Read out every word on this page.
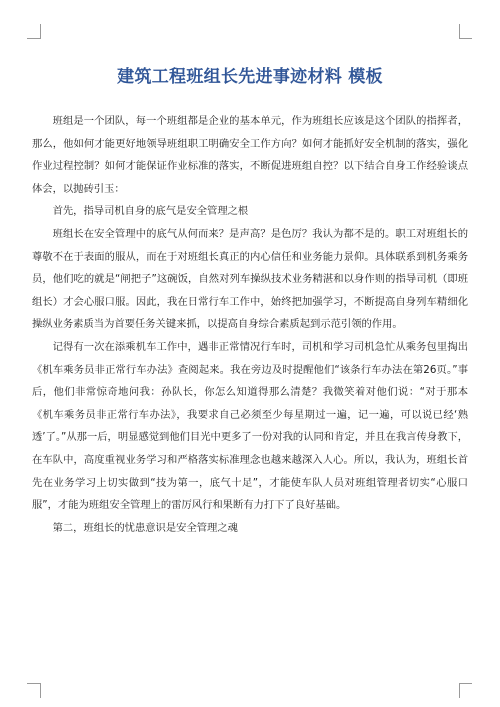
建筑工程班组长先进事迹材料 模板

班组是一个团队，每一个班组都是企业的基本单元，作为班组长应该是这个团队的指挥者，那么，他如何才能更好地领导班组职工明确安全工作方向？如何才能抓好安全机制的落实，强化作业过程控制？如何才能保证作业标准的落实，不断促进班组自控？以下结合自身工作经验谈点体会，以抛砖引玉：

首先，指导司机自身的底气是安全管理之根

班组长在安全管理中的底气从何而来？是声高？是色厉？我认为都不是的。职工对班组长的尊敬不在于表面的服从，而在于对班组长真正的内心信任和业务能力景仰。具体联系到机务乘务员，他们吃的就是“闸把子”这碗饭，自然对列车操纵技术业务精湛和以身作则的指导司机（即班组长）才会心服口服。因此，我在日常行车工作中，始终把加强学习，不断提高自身列车精细化操纵业务素质当为首要任务关键来抓，以提高自身综合素质起到示范引领的作用。

记得有一次在添乘机车工作中，遇非正常情况行车时，司机和学习司机急忙从乘务包里掏出《机车乘务员非正常行车办法》查阅起来。我在旁边及时提醒他们“该条行车办法在第26页。”事后，他们非常惊奇地问我：孙队长，你怎么知道得那么清楚？我微笑着对他们说：“对于那本《机车乘务员非正常行车办法》，我要求自己必须至少每星期过一遍，记一遍，可以说已经‘熟透’了。”从那一后，明显感觉到他们目光中更多了一份对我的认同和肯定，并且在我言传身教下，在车队中，高度重视业务学习和严格落实标准理念也越来越深入人心。所以，我认为，班组长首先在业务学习上切实做到“技为第一，底气十足”，才能使车队人员对班组管理者切实“心服口服”，才能为班组安全管理上的雷厉风行和果断有力打下了良好基础。

第二，班组长的忧患意识是安全管理之魂
